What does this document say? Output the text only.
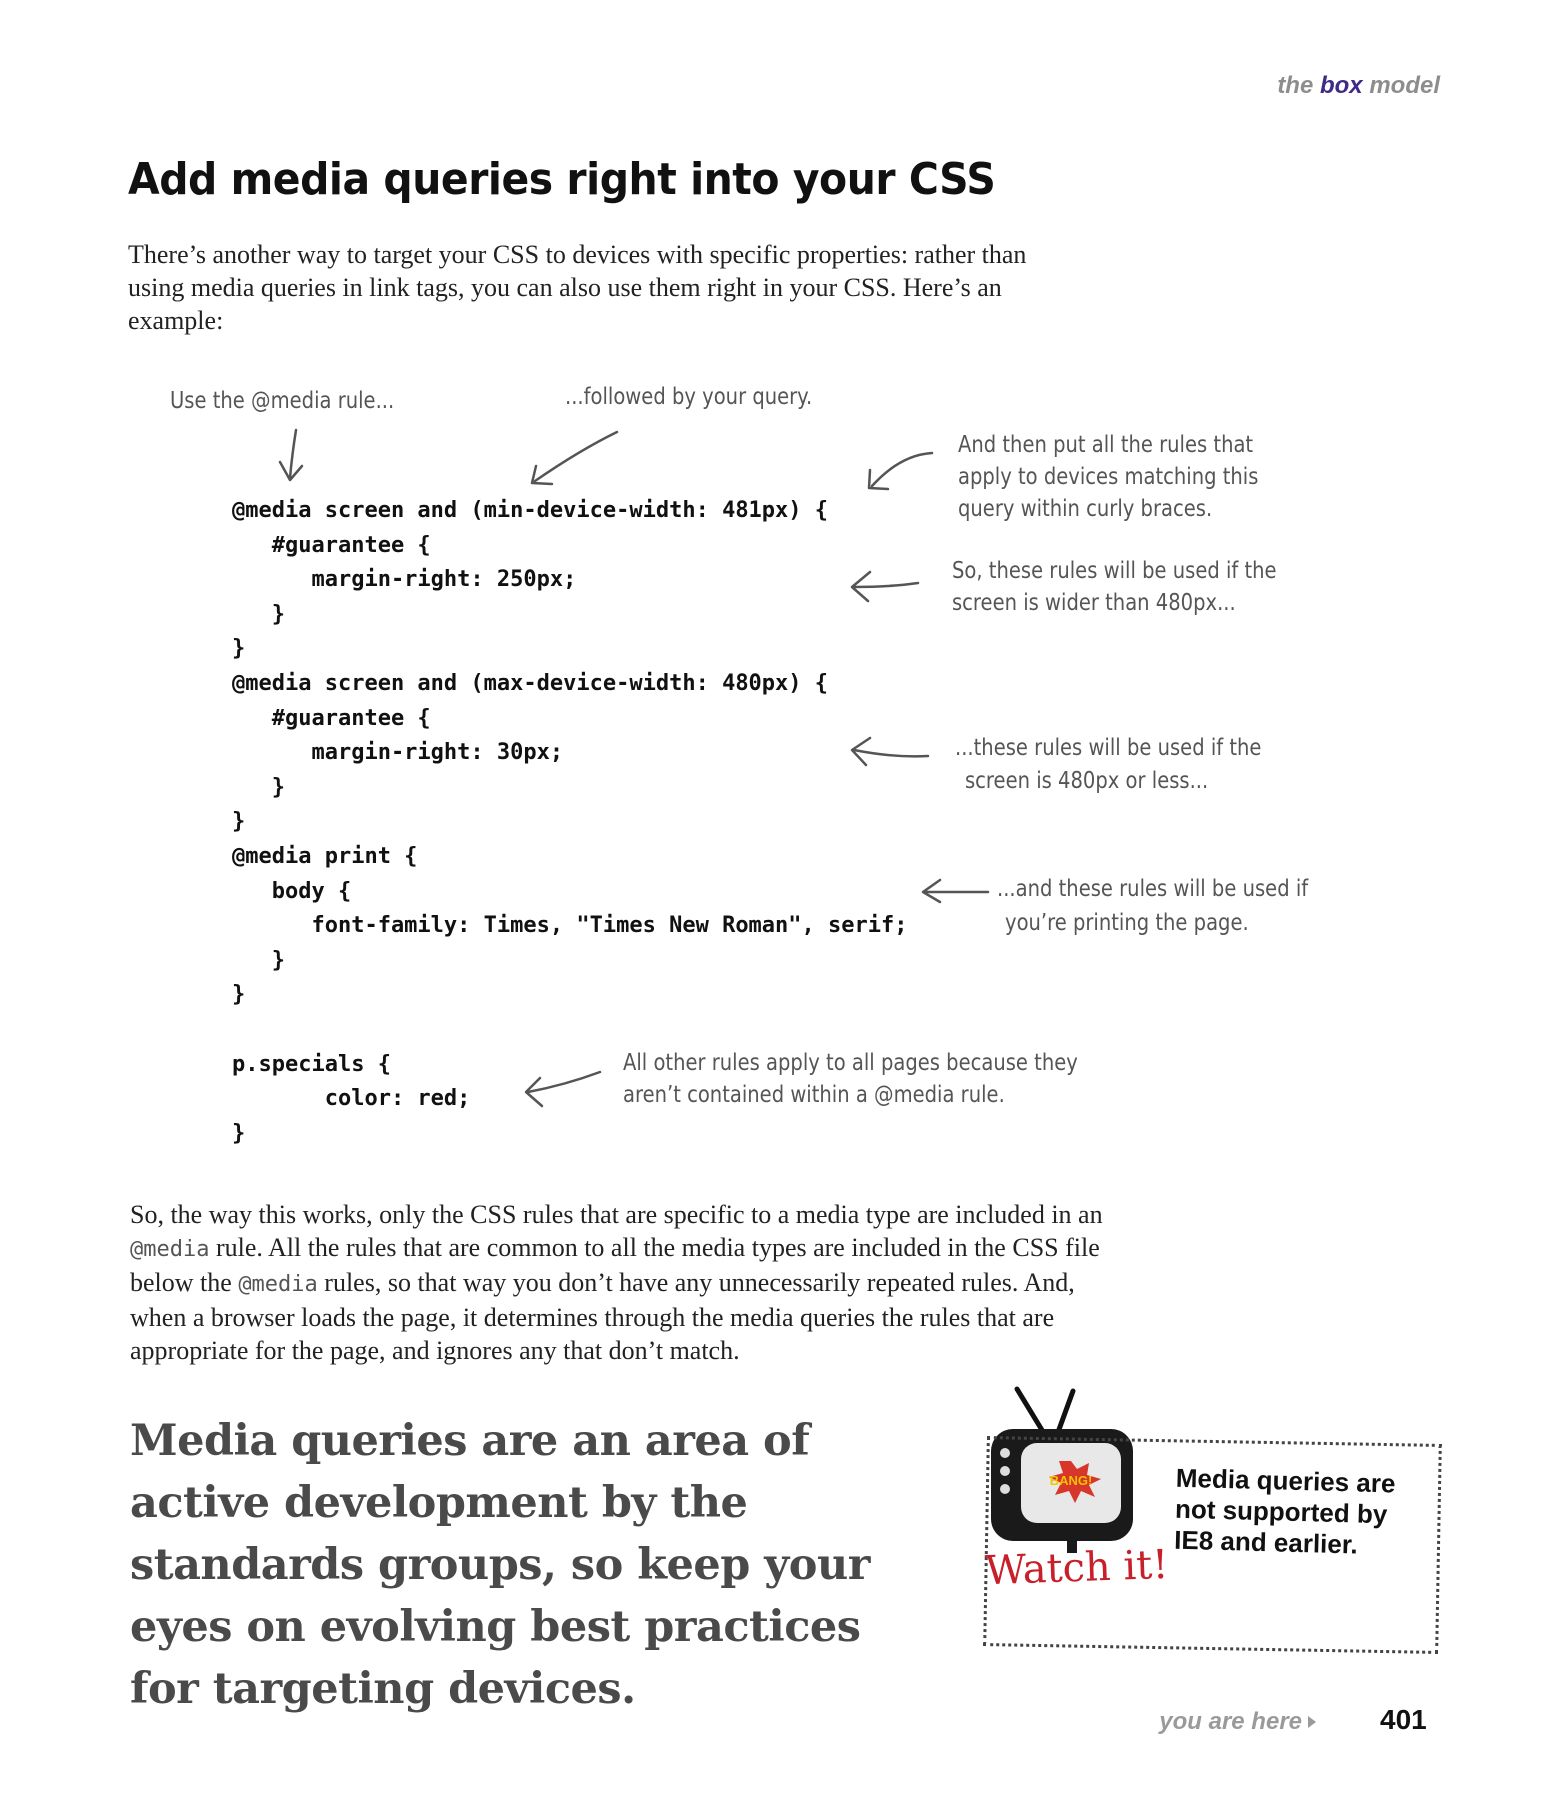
the box model
Add media queries right into your CSS
There’s another way to target your CSS to devices with specific properties: rather than using media queries in link tags, you can also use them right in your CSS. Here’s an example:
@media screen and (min-device-width: 481px) {
#guarantee {
margin-right: 250px;
}
}
@media screen and (max-device-width: 480px) {
#guarantee {
margin-right: 30px;
}
}
@media print {
body {
font-family: Times, "Times New Roman", serif;
}
}
p.specials {
color: red;
}
Use the @media rule...	...followed by your query.
And then put all the rules that
apply to devices matching this
query within curly braces.
So, these rules will be used if the
screen is wider than 480px...
...these rules will be used if the
screen is 480px or less...
...and these rules will be used if
you’re printing the page.
All other rules apply to all pages because they
aren’t contained within a @media rule.
So, the way this works, only the CSS rules that are specific to a media type are included in an @media rule. All the rules that are common to all the media types are included in the CSS file below the @media rules, so that way you don’t have any unnecessarily repeated rules. And, when a browser loads the page, it determines through the media queries the rules that are appropriate for the page, and ignores any that don’t match.
Media queries are an area of active development by the standards groups, so keep your eyes on evolving best practices for targeting devices.
BANG!
Watch it!
Media queries are not supported by IE8 and earlier.
you are here	401
